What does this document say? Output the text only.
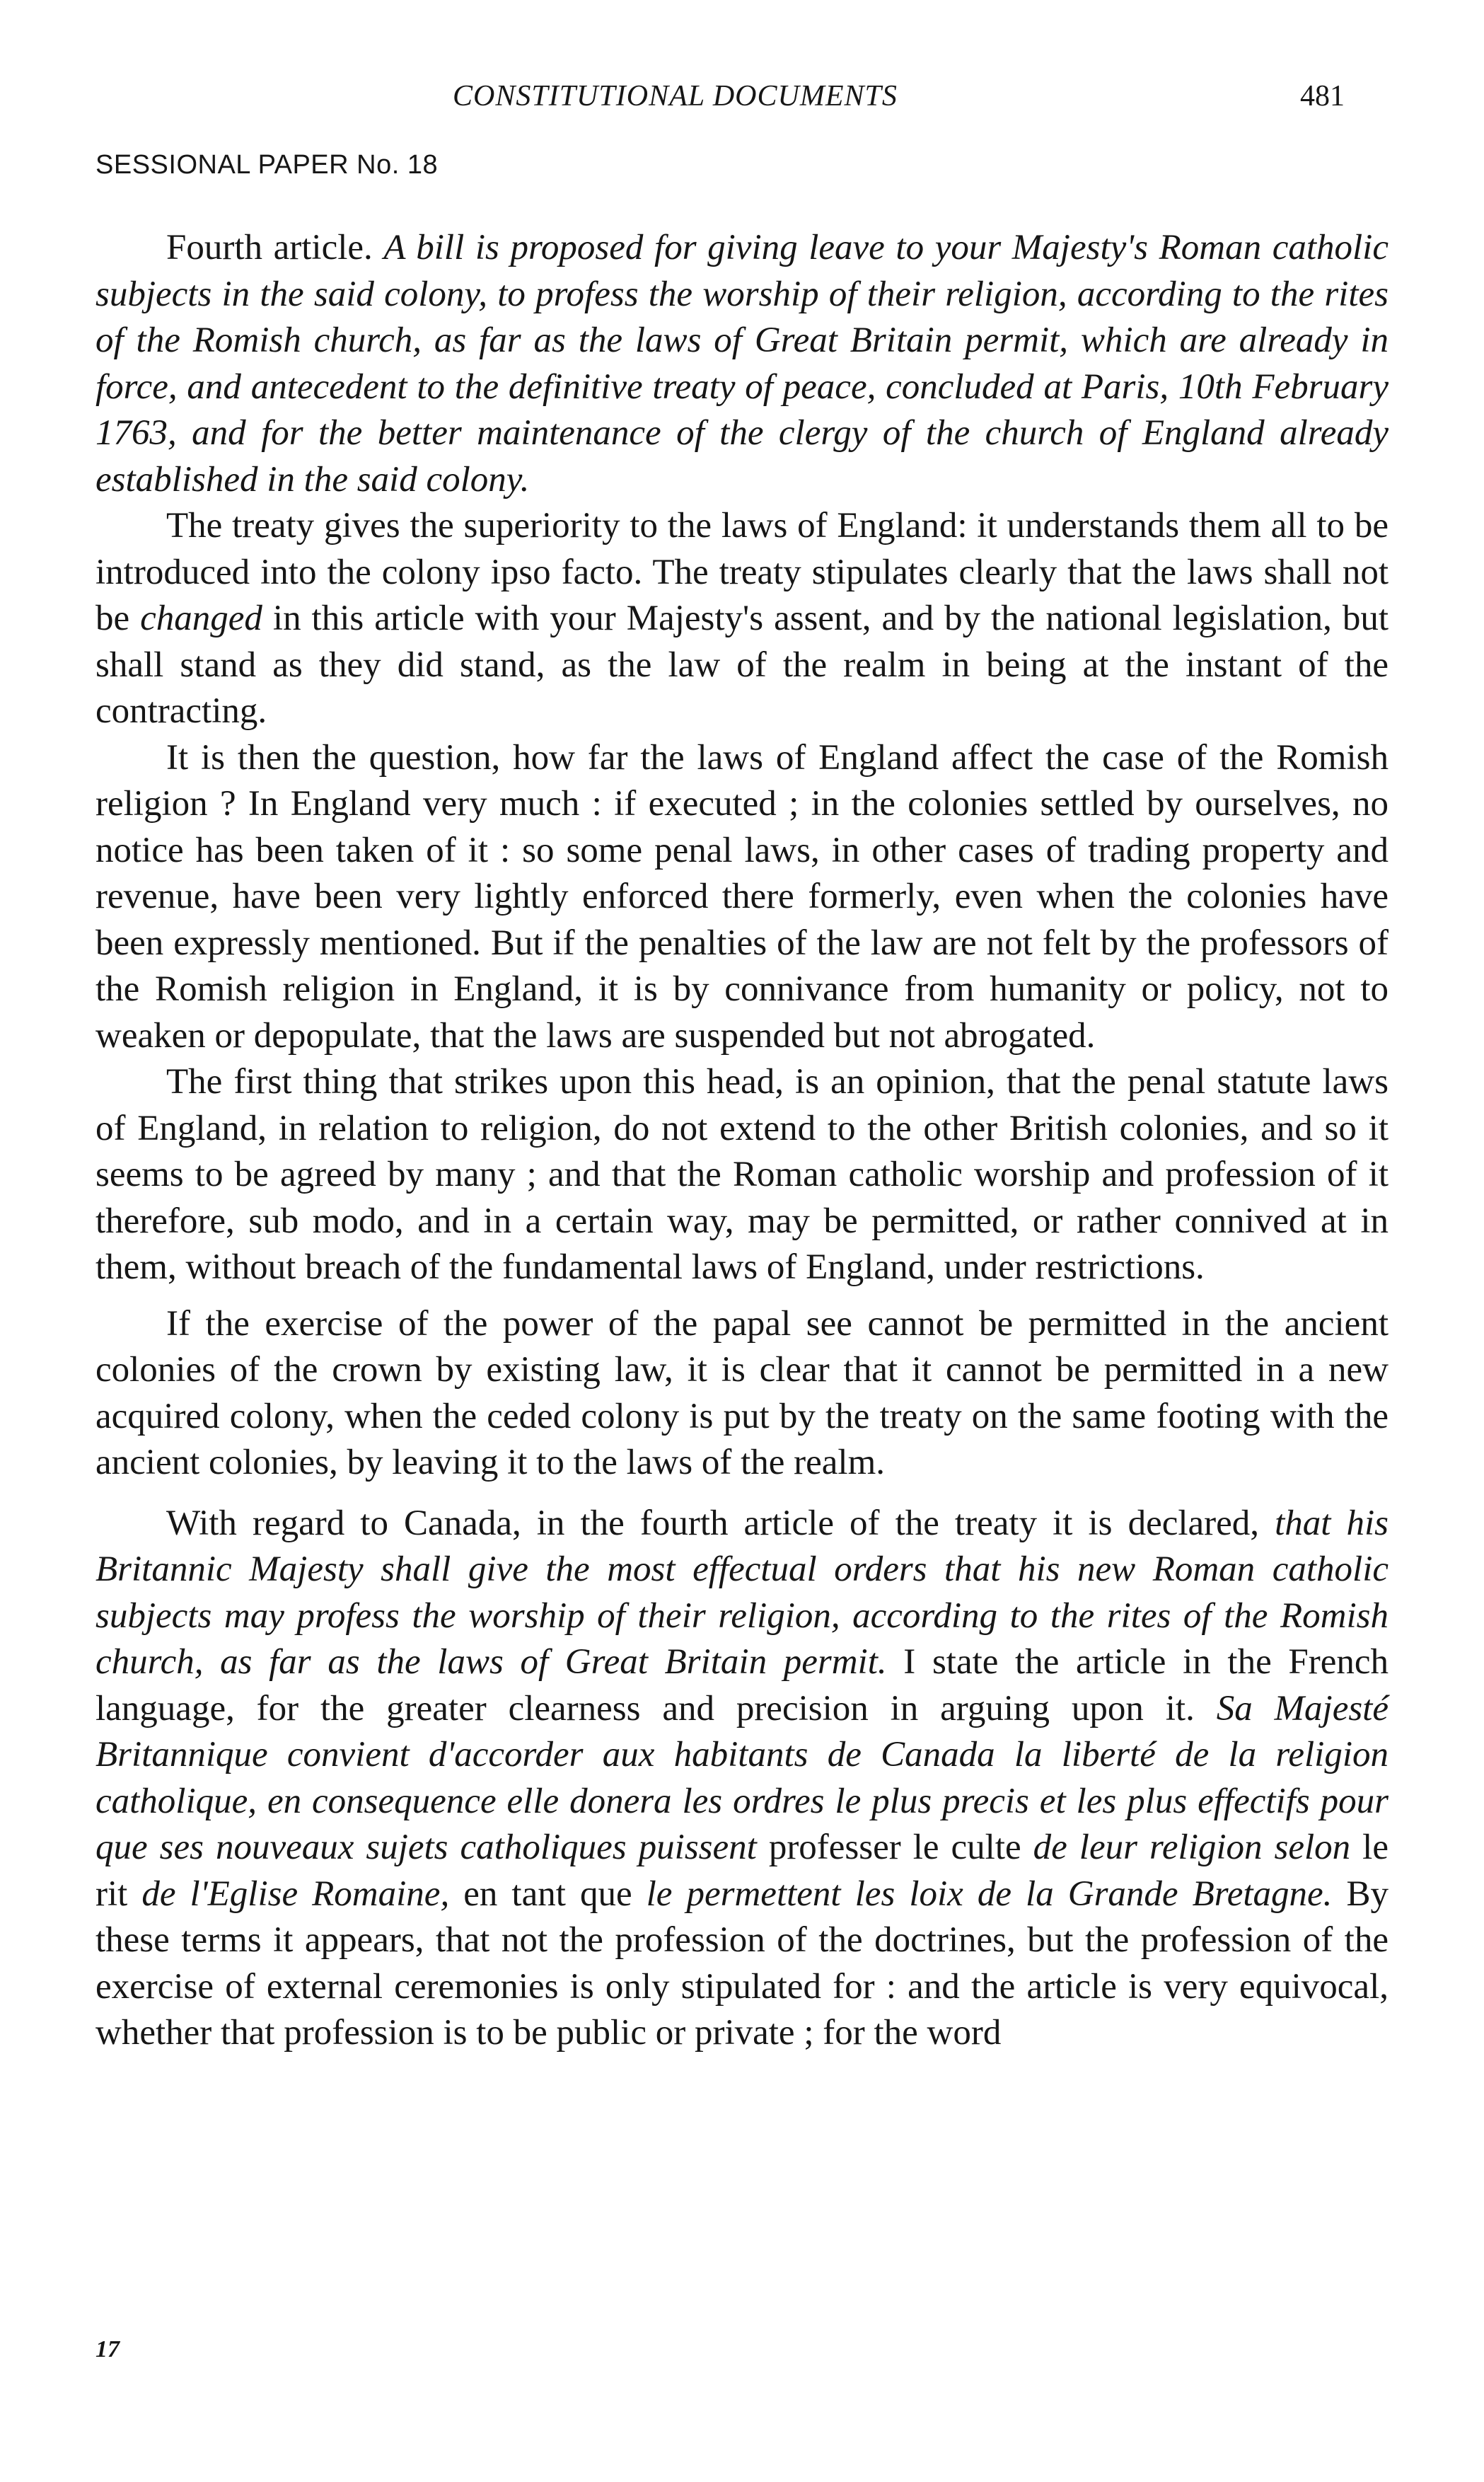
CONSTITUTIONAL DOCUMENTS	481
SESSIONAL PAPER No. 18

Fourth article. A bill is proposed for giving leave to your Majesty's Roman catholic subjects in the said colony, to profess the worship of their religion, according to the rites of the Romish church, as far as the laws of Great Britain permit, which are already in force, and antecedent to the definitive treaty of peace, concluded at Paris, 10th February 1763, and for the better maintenance of the clergy of the church of England already established in the said colony.

The treaty gives the superiority to the laws of England: it understands them all to be introduced into the colony ipso facto. The treaty stipulates clearly that the laws shall not be changed in this article with your Majesty's assent, and by the national legislation, but shall stand as they did stand, as the law of the realm in being at the instant of the contracting.

It is then the question, how far the laws of England affect the case of the Romish religion ? In England very much : if executed ; in the colonies settled by ourselves, no notice has been taken of it : so some penal laws, in other cases of trading property and revenue, have been very lightly enforced there formerly, even when the colonies have been expressly mentioned. But if the penalties of the law are not felt by the professors of the Romish religion in England, it is by connivance from humanity or policy, not to weaken or depopulate, that the laws are suspended but not abrogated.

The first thing that strikes upon this head, is an opinion, that the penal statute laws of England, in relation to religion, do not extend to the other British colonies, and so it seems to be agreed by many ; and that the Roman catholic worship and profession of it therefore, sub modo, and in a certain way, may be permitted, or rather connived at in them, without breach of the fundamental laws of England, under restrictions.

If the exercise of the power of the papal see cannot be permitted in the ancient colonies of the crown by existing law, it is clear that it cannot be permitted in a new acquired colony, when the ceded colony is put by the treaty on the same footing with the ancient colonies, by leaving it to the laws of the realm.

With regard to Canada, in the fourth article of the treaty it is declared, that his Britannic Majesty shall give the most effectual orders that his new Roman catholic subjects may profess the worship of their religion, according to the rites of the Romish church, as far as the laws of Great Britain permit. I state the article in the French language, for the greater clearness and precision in arguing upon it. Sa Majesté Britannique convient d'accorder aux habitants de Canada la liberté de la religion catholique, en consequence elle donera les ordres le plus precis et les plus effectifs pour que ses nouveaux sujets catholiques puissent professer le culte de leur religion selon le rit de l'Eglise Romaine, en tant que le permettent les loix de la Grande Bretagne. By these terms it appears, that not the profession of the doctrines, but the profession of the exercise of external ceremonies is only stipulated for : and the article is very equivocal, whether that profession is to be public or private ; for the word

17
